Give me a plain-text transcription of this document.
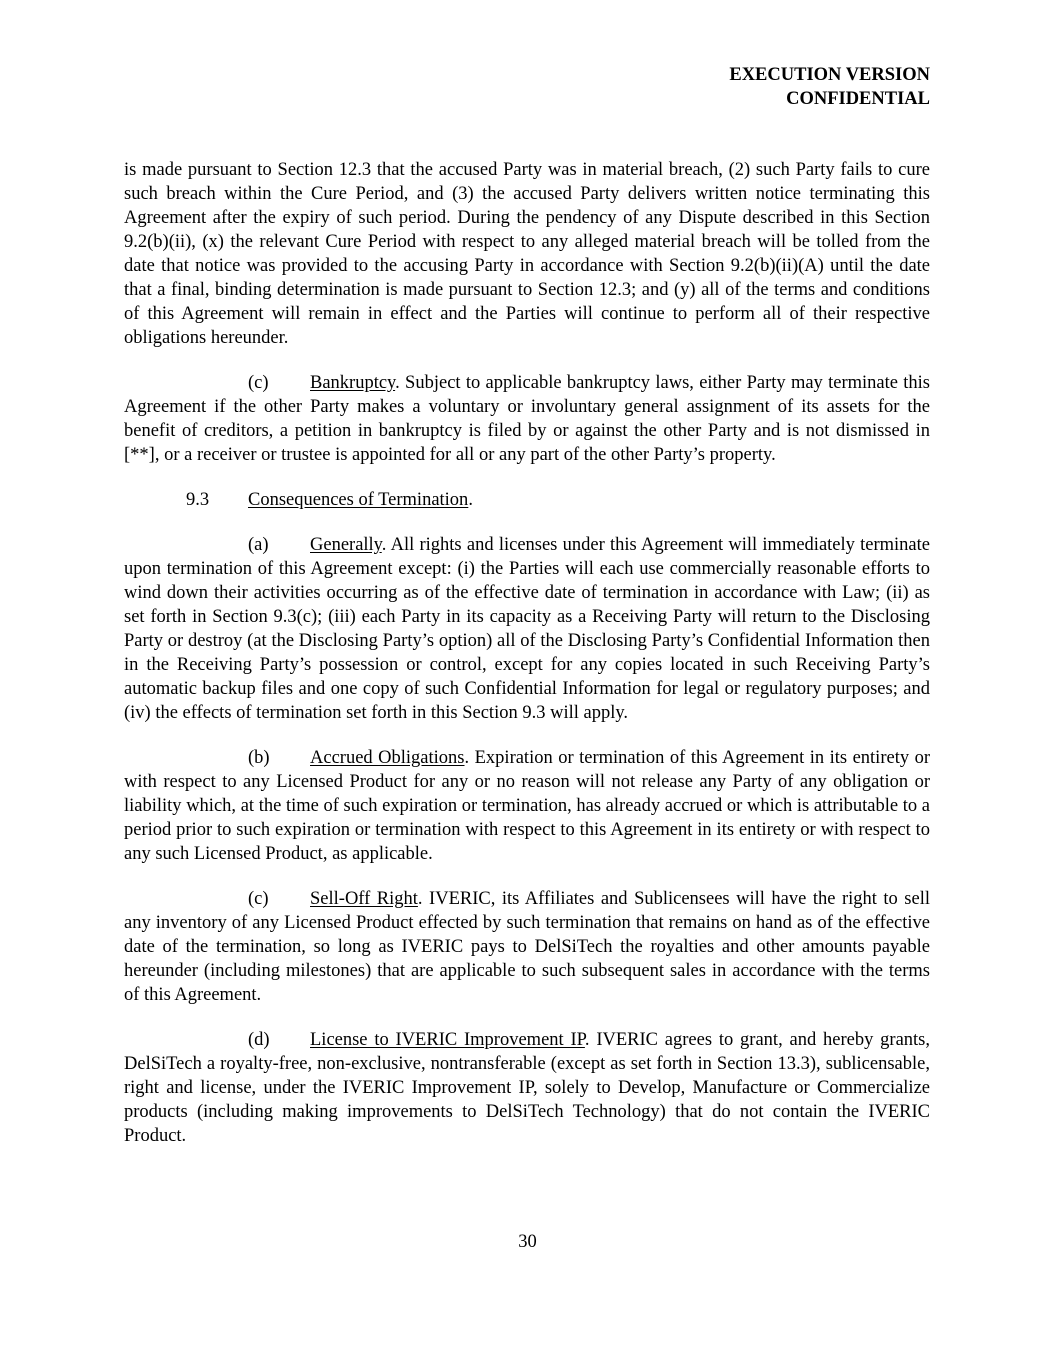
EXECUTION VERSION
CONFIDENTIAL

is made pursuant to Section 12.3 that the accused Party was in material breach, (2) such Party fails to cure such breach within the Cure Period, and (3) the accused Party delivers written notice terminating this Agreement after the expiry of such period. During the pendency of any Dispute described in this Section 9.2(b)(ii), (x) the relevant Cure Period with respect to any alleged material breach will be tolled from the date that notice was provided to the accusing Party in accordance with Section 9.2(b)(ii)(A) until the date that a final, binding determination is made pursuant to Section 12.3; and (y) all of the terms and conditions of this Agreement will remain in effect and the Parties will continue to perform all of their respective obligations hereunder.

(c) Bankruptcy. Subject to applicable bankruptcy laws, either Party may terminate this Agreement if the other Party makes a voluntary or involuntary general assignment of its assets for the benefit of creditors, a petition in bankruptcy is filed by or against the other Party and is not dismissed in [**], or a receiver or trustee is appointed for all or any part of the other Party’s property.

9.3 Consequences of Termination.

(a) Generally. All rights and licenses under this Agreement will immediately terminate upon termination of this Agreement except: (i) the Parties will each use commercially reasonable efforts to wind down their activities occurring as of the effective date of termination in accordance with Law; (ii) as set forth in Section 9.3(c); (iii) each Party in its capacity as a Receiving Party will return to the Disclosing Party or destroy (at the Disclosing Party’s option) all of the Disclosing Party’s Confidential Information then in the Receiving Party’s possession or control, except for any copies located in such Receiving Party’s automatic backup files and one copy of such Confidential Information for legal or regulatory purposes; and (iv) the effects of termination set forth in this Section 9.3 will apply.

(b) Accrued Obligations. Expiration or termination of this Agreement in its entirety or with respect to any Licensed Product for any or no reason will not release any Party of any obligation or liability which, at the time of such expiration or termination, has already accrued or which is attributable to a period prior to such expiration or termination with respect to this Agreement in its entirety or with respect to any such Licensed Product, as applicable.

(c) Sell-Off Right. IVERIC, its Affiliates and Sublicensees will have the right to sell any inventory of any Licensed Product effected by such termination that remains on hand as of the effective date of the termination, so long as IVERIC pays to DelSiTech the royalties and other amounts payable hereunder (including milestones) that are applicable to such subsequent sales in accordance with the terms of this Agreement.

(d) License to IVERIC Improvement IP. IVERIC agrees to grant, and hereby grants, DelSiTech a royalty-free, non-exclusive, nontransferable (except as set forth in Section 13.3), sublicensable, right and license, under the IVERIC Improvement IP, solely to Develop, Manufacture or Commercialize products (including making improvements to DelSiTech Technology) that do not contain the IVERIC Product.

30
